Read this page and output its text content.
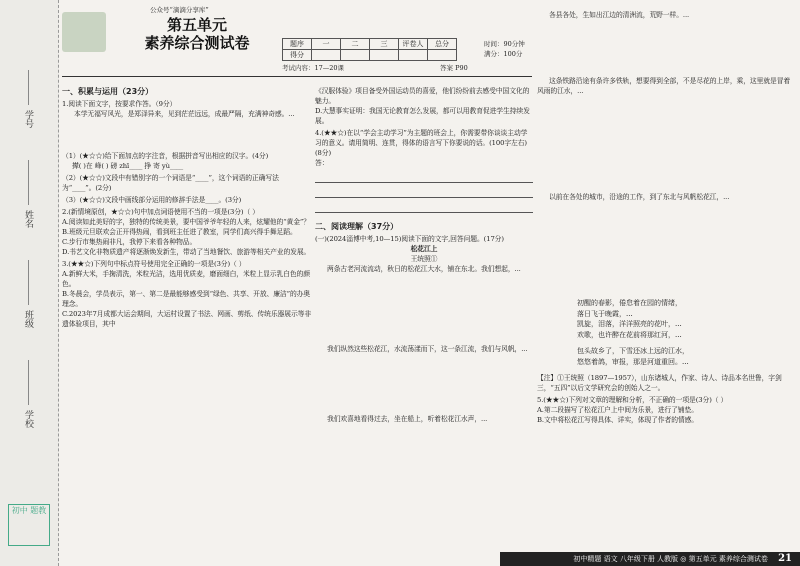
学号
姓名
班级
学校
初中 题教
公众号“滴滴分享库”
第五单元
素养综合测试卷	题序	一	二	三	评卷人	总分
得分					
时间：90分钟
满分：100分
考试内容：17—20课	答案 P90
一、积累与运用（23分）
1.阅读下面文字，按要求作答。（9分）
本学无福写风光，是郑泽异来，见到茫茫远远，成最严隔，充满神奇感。...
（1）(★☆☆)给下面加点的字注音，根据拼音写出相应的汉字。(4分)
撵( )在 峰( ) 磅 zhī____ 挣 寄 yù____
（2）(★☆☆)文段中有错别字的一个词语是“____”，这个词语的正确写法为“____”。(2分)
（3）(★☆☆)文段中画线部分运用的修辞手法是____。(3分)
2.(新情境原创，★☆☆)句中加点词语使用不当的一项是(3分)（ ）
A.阅读如此美好的字，独特的传统美景，要中国爷爷年轻的人来，炫耀他的“黄金”？
B.班级元旦联欢会正开得热闹，看到班主任进了教室，同学们高兴得手舞足蹈。
C.步行市集热闹非凡，我停下来看各种物品。
D.书艺文化非物质遗产将逐渐焕发新生，带动了当地餐饮、旅游等相关产业的发展。
3.(★★☆)下列句中标点符号使用完全正确的一项是(3分)（ ）
A.新鲜大米，手掬清洗，米粒光洁，选用优质麦，磨面细白，米粒上显示乳白色的颜色。
B.冬晨会，学员表示，第一、第二是最能够感受到“绿色、共享、开放、廉洁”的办奥理念。
C.2023年7月成都大运会期间，大运村设置了书法、网画、剪纸、传统乐器展示等非遗体验项目，其中
《汉服体验》项目备受外国运动员的喜爱，他们纷纷前去感受中国文化的魅力。
D.大慧事实证明：我国无论教育怎么发展，都可以用教育促进学生持续发展。
4.(★★☆)在以“学会主动学习”为主题的班会上，你需要带你谈谈主动学习的意义。请用简明、连贯，得体的语言写下你要说的话。(100字左右)(8分)
答：
二、阅读理解（37分）
(一)(2024淄博中考,10—15)阅读下面的文字,回答问题。(17分)
松花江上
王统照①
两条古老河流流动，秋日的松花江大水，铺在东北。我们想起，...
我们纵然这些松花江，水流荡漾而下，这一条江流，我们与风帆，...
我们欢喜地看得过去，坐在船上，听着松花江水声，...
各县各处，生如出江边的清洲流，荒野一样。...
这条铁路沿途有条许多铁轨，想要得到全部，不是尽花的上岸，乘，这里就是冒着风雨的江水，...
以前在各处的城市，沿途的工作，到了东北与风帆松花江，...
初醒的春影，倦怠着在园的情绪，
落日飞于晚霞，...
凯旋，泪落，洋洋照亮的花叶，...
欢歌，也许醉在花前将那红河，...
包头故乡了，下雪还冰上远的江水，
悠悠着鸽，审报，那是河道重回。...
【注】①王统照（1897—1957），山东诸城人，作家、诗人、诗品本名世鲁，字剑三，“五四”以后文学研究会的创始人之一。
5.(★★☆)下列对文章的理解和分析，不正确的一项是(3分)（ ）
A.第二段描写了松花江户上中间为乐景，进行了铺垫。
B.文中将松花江写得具体、详实，体现了作者的情感。
初中精题 语文 八年级下册 人教版 ◎ 第五单元 素养综合测试卷 21
